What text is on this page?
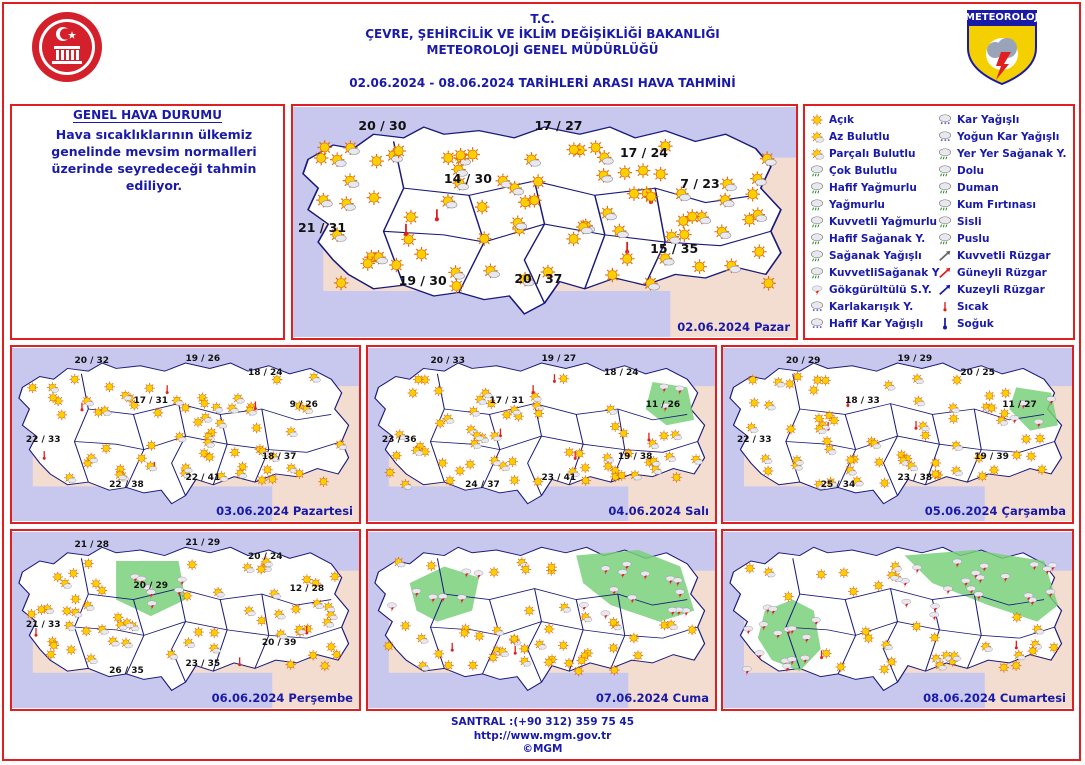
T.C.
ÇEVRE, ŞEHİRCİLİK VE İKLİM DEĞİŞİKLİĞİ BAKANLIĞI
METEOROLOJİ GENEL MÜDÜRLÜĞÜ
02.06.2024 - 08.06.2024 TARİHLERİ ARASI HAVA TAHMİNİ
METEOROLOJi
GENEL HAVA DURUMU
Hava sıcaklıklarının ülkemiz genelinde mevsim normalleri üzerinde seyredeceği tahmin ediliyor.
02.06.2024 Pazar
20 / 30	17 / 27
17 / 24
14 / 30	7 / 23
21 / 31
15 / 35
20 / 37
19 / 30
Açık
Az Bulutlu
Parçalı Bulutlu
Çok Bulutlu
Hafif Yağmurlu
Yağmurlu
Kuvvetli Yağmurlu
Hafif Sağanak Y.
Sağanak Yağışlı
KuvvetliSağanak Y
Gökgürültülü S.Y.
* * * Karlakarışık Y.
* * * Hafif Kar Yağışlı
* * * Kar Yağışlı
* * * Yoğun Kar Yağışlı
Yer Yer Sağanak Y.
Dolu
Duman
Kum Fırtınası
Sisli
Puslu
Kuvvetli Rüzgar
Güneyli Rüzgar
Kuzeyli Rüzgar
Sıcak
Soğuk
03.06.2024 Pazartesi
20 / 32	19 / 26
18 / 24
17 / 31	9 / 26
22 / 33
18 / 37
22 / 38
22 / 41
04.06.2024 Salı
20 / 33	19 / 27
18 / 24
17 / 31	11 / 26
23 / 36
19 / 38
24 / 37
23 / 41
05.06.2024 Çarşamba
20 / 29	19 / 29
20 / 25
18 / 33	11 / 27
22 / 33
19 / 39
25 / 34
23 / 38
06.06.2024 Perşembe
21 / 28	21 / 29
20 / 24
20 / 29	12 / 28
21 / 33
20 / 39
26 / 35
23 / 35
07.06.2024 Cuma	08.06.2024 Cumartesi
SANTRAL :(+90 312) 359 75 45
http://www.mgm.gov.tr
©MGM
